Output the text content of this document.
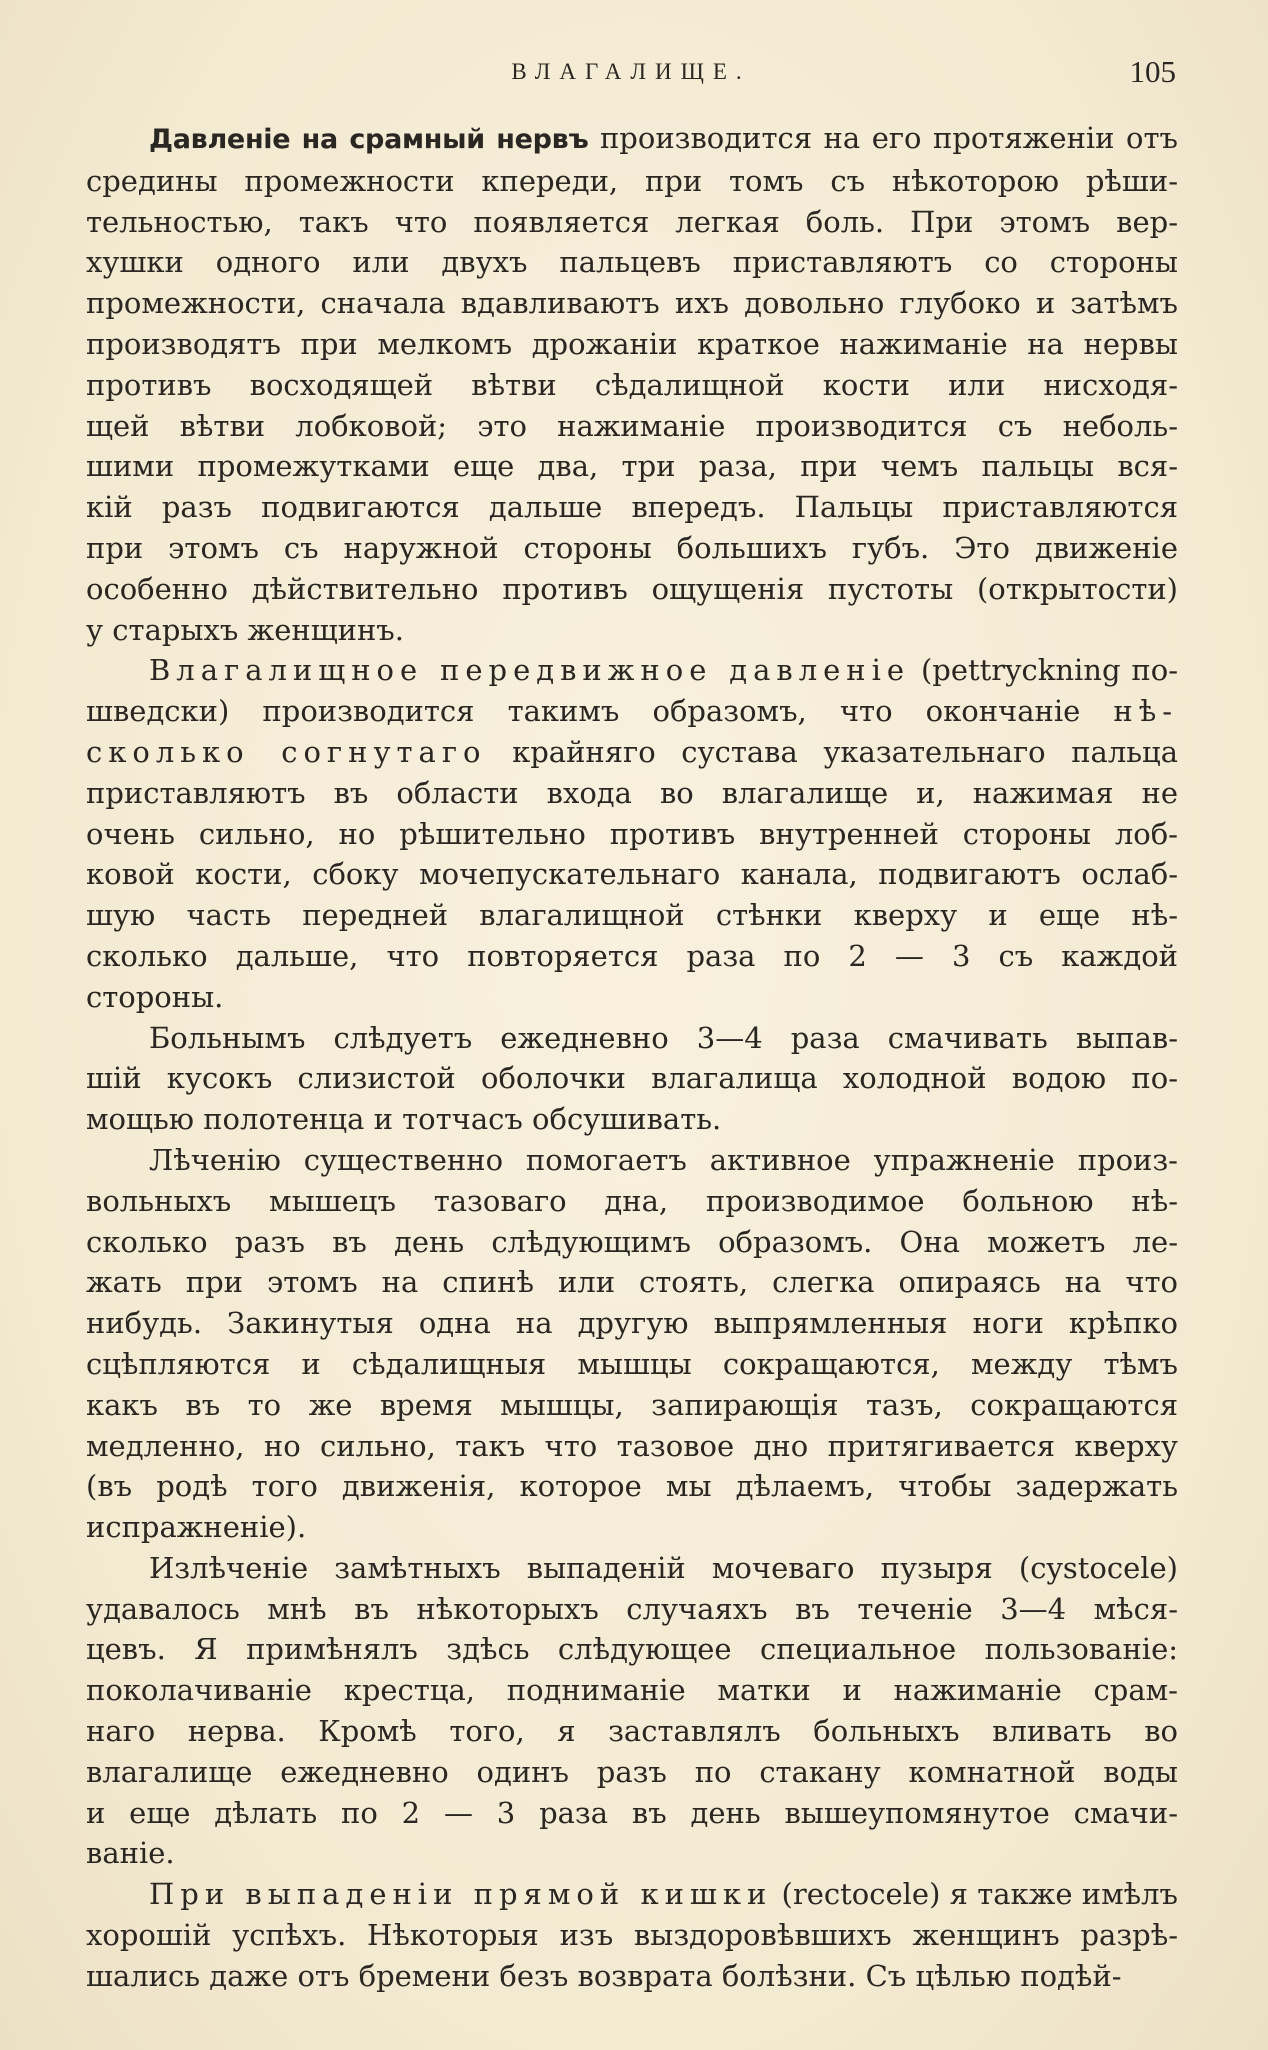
ВЛАГАЛИЩЕ.	105
Давленіе на срамный нервъ производится на его протяженіи отъ
средины промежности кпереди, при томъ съ нѣкоторою рѣши-
тельностью, такъ что появляется легкая боль. При этомъ вер-
хушки одного или двухъ пальцевъ приставляютъ со стороны
промежности, сначала вдавливаютъ ихъ довольно глубоко и затѣмъ
производятъ при мелкомъ дрожаніи краткое нажиманіе на нервы
противъ восходящей вѣтви сѣдалищной кости или нисходя-
щей вѣтви лобковой; это нажиманіе производится съ неболь-
шими промежутками еще два, три раза, при чемъ пальцы вся-
кій разъ подвигаются дальше впередъ. Пальцы приставляются
при этомъ съ наружной стороны большихъ губъ. Это движеніе
особенно дѣйствительно противъ ощущенія пустоты (открытости)
у старыхъ женщинъ.
Влагалищное передвижное давленіе (pettryckning по-
шведски) производится такимъ образомъ, что окончаніе нѣ-
сколько согнутаго крайняго сустава указательнаго пальца
приставляютъ въ области входа во влагалище и, нажимая не
очень сильно, но рѣшительно противъ внутренней стороны лоб-
ковой кости, сбоку мочепускательнаго канала, подвигаютъ ослаб-
шую часть передней влагалищной стѣнки кверху и еще нѣ-
сколько дальше, что повторяется раза по 2 — 3 съ каждой
стороны.
Больнымъ слѣдуетъ ежедневно 3—4 раза смачивать выпав-
шій кусокъ слизистой оболочки влагалища холодной водою по-
мощью полотенца и тотчасъ обсушивать.
Лѣченію существенно помогаетъ активное упражненіе произ-
вольныхъ мышецъ тазоваго дна, производимое больною нѣ-
сколько разъ въ день слѣдующимъ образомъ. Она можетъ ле-
жать при этомъ на спинѣ или стоять, слегка опираясь на что
нибудь. Закинутыя одна на другую выпрямленныя ноги крѣпко
сцѣпляются и сѣдалищныя мышцы сокращаются, между тѣмъ
какъ въ то же время мышцы, запирающія тазъ, сокращаются
медленно, но сильно, такъ что тазовое дно притягивается кверху
(въ родѣ того движенія, которое мы дѣлаемъ, чтобы задержать
испражненіе).
Излѣченіе замѣтныхъ выпаденій мочеваго пузыря (cystocele)
удавалось мнѣ въ нѣкоторыхъ случаяхъ въ теченіе 3—4 мѣся-
цевъ. Я примѣнялъ здѣсь слѣдующее специальное пользованіе:
поколачиваніе крестца, подниманіе матки и нажиманіе срам-
наго нерва. Кромѣ того, я заставлялъ больныхъ вливать во
влагалище ежедневно одинъ разъ по стакану комнатной воды
и еще дѣлать по 2 — 3 раза въ день вышеупомянутое смачи-
ваніе.
При выпаденіи прямой кишки (rectocele) я также имѣлъ
хорошій успѣхъ. Нѣкоторыя изъ выздоровѣвшихъ женщинъ разрѣ-
шались даже отъ бремени безъ возврата болѣзни. Съ цѣлью подѣй-
